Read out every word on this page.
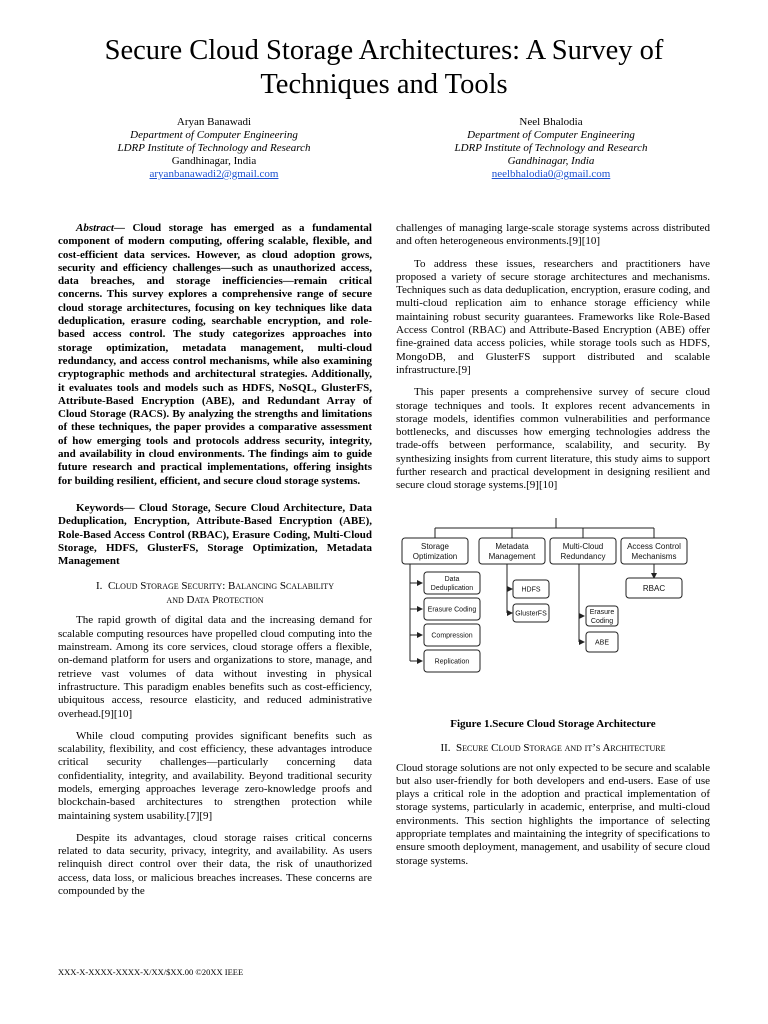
Secure Cloud Storage Architectures: A Survey of Techniques and Tools
Aryan Banawadi
Department of Computer Engineering
LDRP Institute of Technology and Research
Gandhinagar, India
aryanbanawadi2@gmail.com
Neel Bhalodia
Department of Computer Engineering
LDRP Institute of Technology and Research
Gandhinagar, India
neelbhalodia0@gmail.com

Abstract— Cloud storage has emerged as a fundamental component of modern computing, offering scalable, flexible, and cost-efficient data services. However, as cloud adoption grows, security and efficiency challenges—such as unauthorized access, data breaches, and storage inefficiencies—remain critical concerns. This survey explores a comprehensive range of secure cloud storage architectures, focusing on key techniques like data deduplication, erasure coding, searchable encryption, and role-based access control. The study categorizes approaches into storage optimization, metadata management, multi-cloud redundancy, and access control mechanisms, while also examining cryptographic methods and architectural strategies. Additionally, it evaluates tools and models such as HDFS, NoSQL, GlusterFS, Attribute-Based Encryption (ABE), and Redundant Array of Cloud Storage (RACS). By analyzing the strengths and limitations of these techniques, the paper provides a comparative assessment of how emerging tools and protocols address security, integrity, and availability in cloud environments. The findings aim to guide future research and practical implementations, offering insights for building resilient, efficient, and secure cloud storage systems.

Keywords— Cloud Storage, Secure Cloud Architecture, Data Deduplication, Encryption, Attribute-Based Encryption (ABE), Role-Based Access Control (RBAC), Erasure Coding, Multi-Cloud Storage, HDFS, GlusterFS, Storage Optimization, Metadata Management

I. Cloud Storage Security: Balancing Scalability
and Data Protection

The rapid growth of digital data and the increasing demand for scalable computing resources have propelled cloud computing into the mainstream. Among its core services, cloud storage offers a flexible, on-demand platform for users and organizations to store, manage, and retrieve vast volumes of data without investing in physical infrastructure. This paradigm enables benefits such as cost-efficiency, ubiquitous access, resource elasticity, and reduced administrative overhead.[9][10]

While cloud computing provides significant benefits such as scalability, flexibility, and cost efficiency, these advantages introduce critical security challenges—particularly concerning data confidentiality, integrity, and availability. Beyond traditional security models, emerging approaches leverage zero-knowledge proofs and blockchain-based architectures to strengthen protection while maintaining system usability.[7][9]

Despite its advantages, cloud storage raises critical concerns related to data security, privacy, integrity, and availability. As users relinquish direct control over their data, the risk of unauthorized access, data loss, or malicious breaches increases. These concerns are compounded by the

challenges of managing large-scale storage systems across distributed and often heterogeneous environments.[9][10]

To address these issues, researchers and practitioners have proposed a variety of secure storage architectures and mechanisms. Techniques such as data deduplication, encryption, erasure coding, and multi-cloud replication aim to enhance storage efficiency while maintaining robust security guarantees. Frameworks like Role-Based Access Control (RBAC) and Attribute-Based Encryption (ABE) offer fine-grained data access policies, while storage tools such as HDFS, MongoDB, and GlusterFS support distributed and scalable infrastructure.[9]

This paper presents a comprehensive survey of secure cloud storage techniques and tools. It explores recent advancements in storage models, identifies common vulnerabilities and performance bottlenecks, and discusses how emerging technologies address the trade-offs between performance, scalability, and security. By synthesizing insights from current literature, this study aims to support further research and practical development in designing resilient and secure cloud storage systems.[9][10]

Storage
Optimization
Metadata
Management
Multi-Cloud
Redundancy
Access Control
Mechanisms
Data
Deduplication
Erasure Coding
Compression
Replication
HDFS
GlusterFS	Erasure
Coding
ABE
RBAC
Figure 1.Secure Cloud Storage Architecture
II. Secure Cloud Storage and it’s Architecture

Cloud storage solutions are not only expected to be secure and scalable but also user-friendly for both developers and end-users. Ease of use plays a critical role in the adoption and practical implementation of storage systems, particularly in academic, enterprise, and multi-cloud environments. This section highlights the importance of selecting appropriate templates and maintaining the integrity of specifications to ensure smooth deployment, management, and usability of secure cloud storage systems.

XXX-X-XXXX-XXXX-X/XX/$XX.00 ©20XX IEEE
